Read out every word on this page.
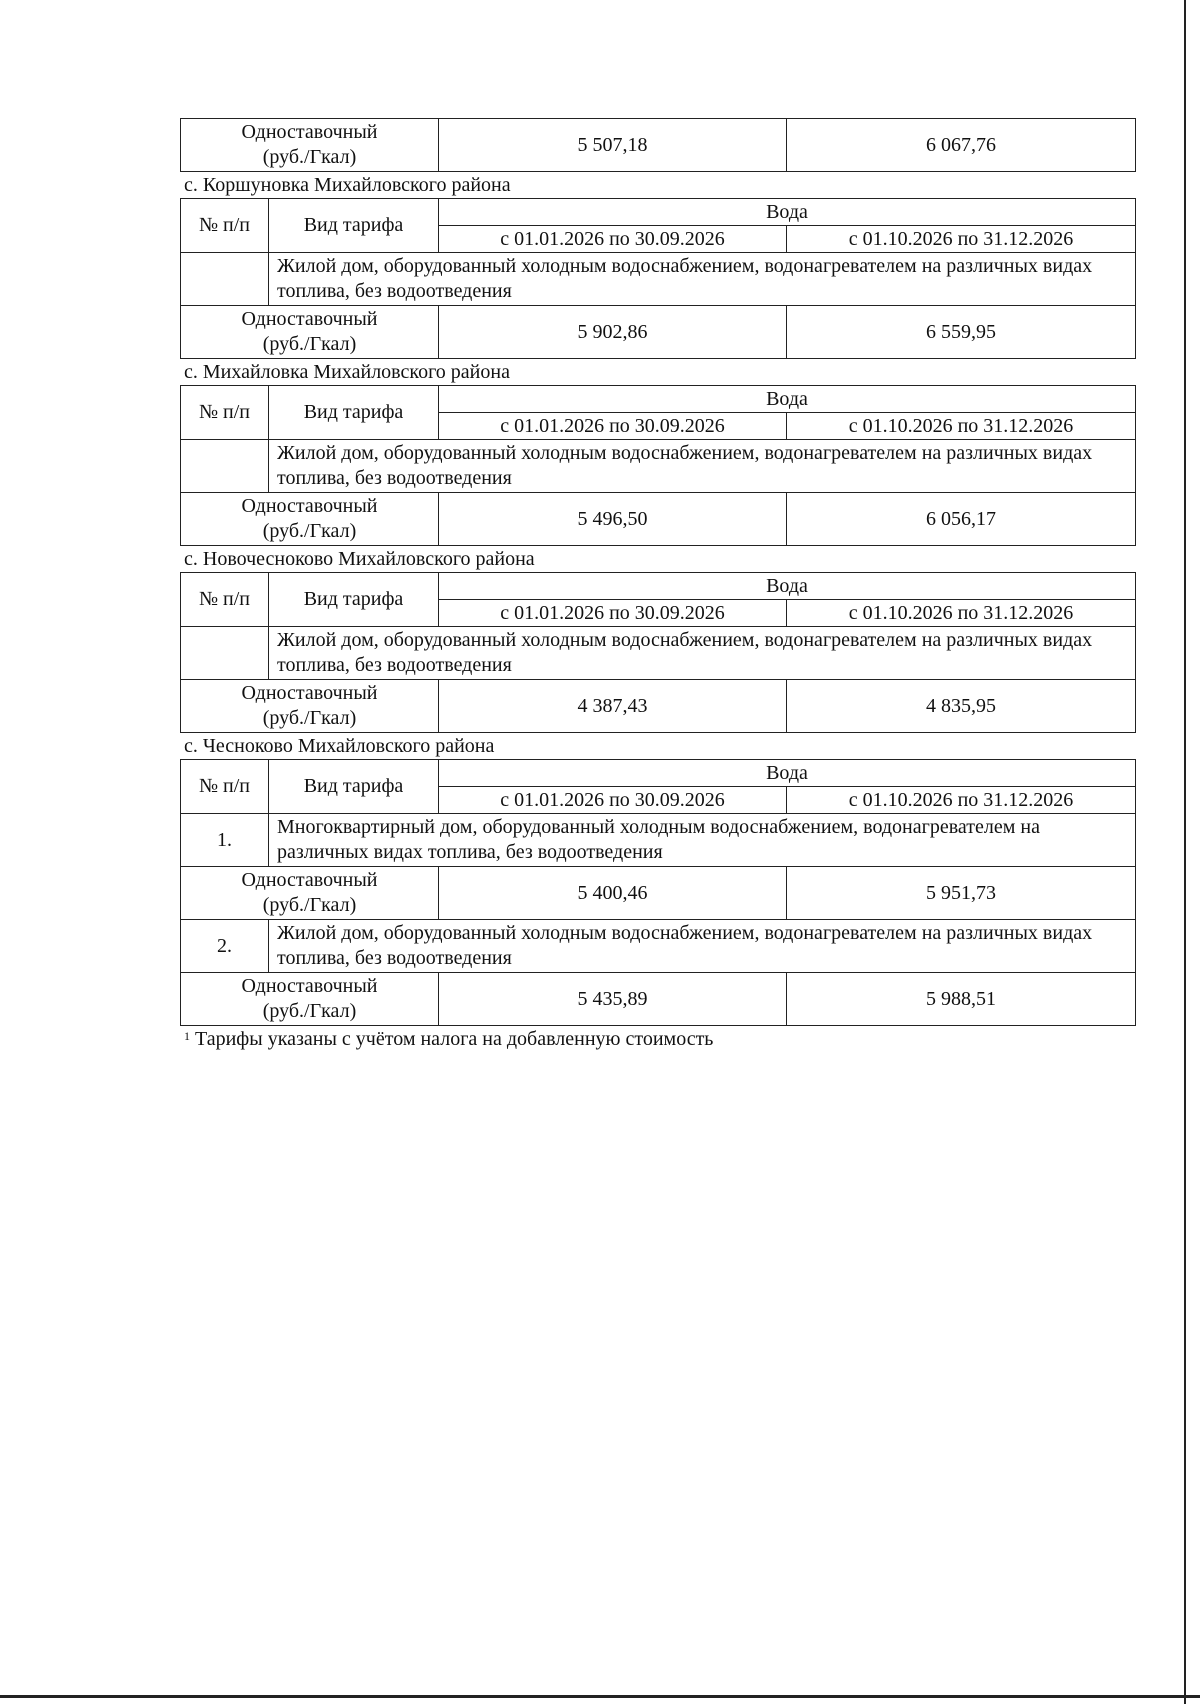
Одноставочный
(руб./Гкал)
	5 507,18	6 067,76
с. Коршуновка Михайловского района
№ п/п	Вид тарифа	Вода	
		с 01.01.2026 по 30.09.2026	с 01.10.2026 по 31.12.2026
	Жилой дом, оборудованный холодным водоснабжением, водонагревателем на различных видах топлива, без водоотведения		

Одноставочный
(руб./Гкал)		5 902,86	6 559,95
с. Михайловка Михайловского района
№ п/п	Вид тарифа	Вода	
		с 01.01.2026 по 30.09.2026	с 01.10.2026 по 31.12.2026
	Жилой дом, оборудованный холодным водоснабжением, водонагревателем на различных видах топлива, без водоотведения		

Одноставочный
(руб./Гкал)		5 496,50	6 056,17
с. Новочесноково Михайловского района
№ п/п	Вид тарифа	Вода	
		с 01.01.2026 по 30.09.2026	с 01.10.2026 по 31.12.2026
	Жилой дом, оборудованный холодным водоснабжением, водонагревателем на различных видах топлива, без водоотведения		

Одноставочный
(руб./Гкал)		4 387,43	4 835,95
с. Чесноково Михайловского района
№ п/п	Вид тарифа	Вода	
		с 01.01.2026 по 30.09.2026	с 01.10.2026 по 31.12.2026
1.	Многоквартирный дом, оборудованный холодным водоснабжением, водонагревателем на различных видах топлива, без водоотведения		

Одноставочный
(руб./Гкал)		5 400,46	5 951,73
2.	Жилой дом, оборудованный холодным водоснабжением, водонагревателем на различных видах топлива, без водоотведения		

Одноставочный
(руб./Гкал)		5 435,89	5 988,51
$^1$ Тарифы указаны с учётом налога на добавленную стоимость
